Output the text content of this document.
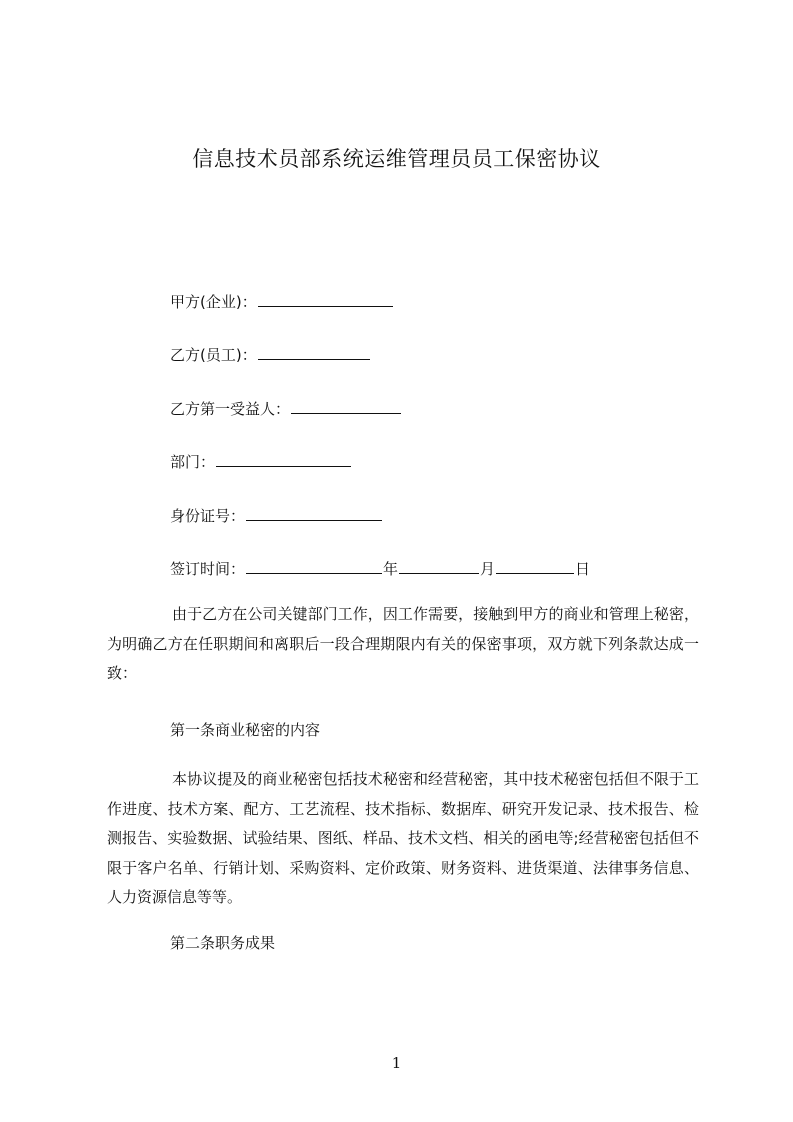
信息技术员部系统运维管理员员工保密协议
甲方(企业)：
乙方(员工)：
乙方第一受益人：
部门：
身份证号：
签订时间：	年	月	日

由于乙方在公司关键部门工作，因工作需要，接触到甲方的商业和管理上秘密，为明确乙方在任职期间和离职后一段合理期限内有关的保密事项，双方就下列条款达成一致：

第一条商业秘密的内容

本协议提及的商业秘密包括技术秘密和经营秘密，其中技术秘密包括但不限于工作进度、技术方案、配方、工艺流程、技术指标、数据库、研究开发记录、技术报告、检测报告、实验数据、试验结果、图纸、样品、技术文档、相关的函电等;经营秘密包括但不限于客户名单、行销计划、采购资料、定价政策、财务资料、进货渠道、法律事务信息、人力资源信息等等。

第二条职务成果
1
